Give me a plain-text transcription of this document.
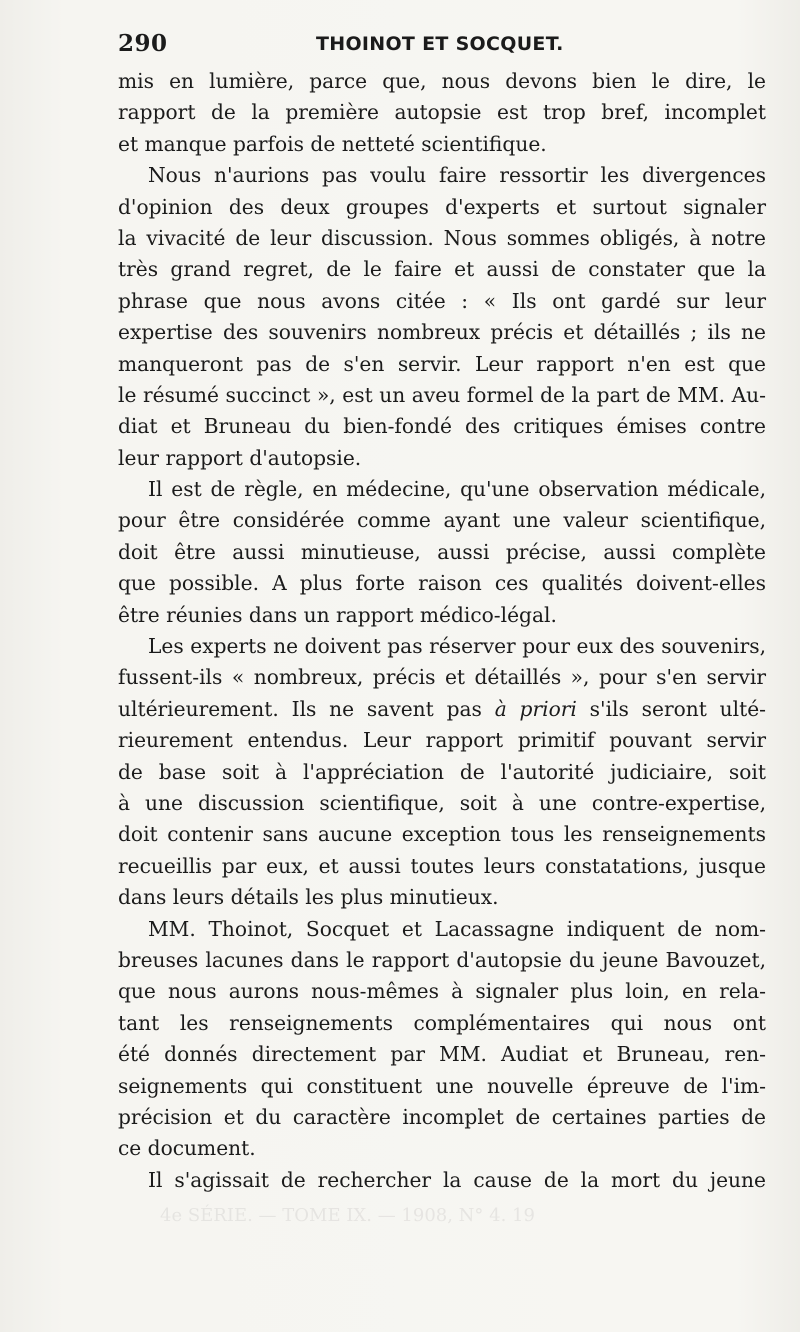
290	THOINOT ET SOCQUET.
mis en lumière, parce que, nous devons bien le dire, le
rapport de la première autopsie est trop bref, incomplet
et manque parfois de netteté scientifique.
Nous n'aurions pas voulu faire ressortir les divergences
d'opinion des deux groupes d'experts et surtout signaler
la vivacité de leur discussion. Nous sommes obligés, à notre
très grand regret, de le faire et aussi de constater que la
phrase que nous avons citée : « Ils ont gardé sur leur
expertise des souvenirs nombreux précis et détaillés ; ils ne
manqueront pas de s'en servir. Leur rapport n'en est que
le résumé succinct », est un aveu formel de la part de MM. Au-
diat et Bruneau du bien-fondé des critiques émises contre
leur rapport d'autopsie.
Il est de règle, en médecine, qu'une observation médicale,
pour être considérée comme ayant une valeur scientifique,
doit être aussi minutieuse, aussi précise, aussi complète
que possible. A plus forte raison ces qualités doivent-elles
être réunies dans un rapport médico-légal.
Les experts ne doivent pas réserver pour eux des souvenirs,
fussent-ils « nombreux, précis et détaillés », pour s'en servir
ultérieurement. Ils ne savent pas à priori s'ils seront ulté-
rieurement entendus. Leur rapport primitif pouvant servir
de base soit à l'appréciation de l'autorité judiciaire, soit
à une discussion scientifique, soit à une contre-expertise,
doit contenir sans aucune exception tous les renseignements
recueillis par eux, et aussi toutes leurs constatations, jusque
dans leurs détails les plus minutieux.
MM. Thoinot, Socquet et Lacassagne indiquent de nom-
breuses lacunes dans le rapport d'autopsie du jeune Bavouzet,
que nous aurons nous-mêmes à signaler plus loin, en rela-
tant les renseignements complémentaires qui nous ont
été donnés directement par MM. Audiat et Bruneau, ren-
seignements qui constituent une nouvelle épreuve de l'im-
précision et du caractère incomplet de certaines parties de
ce document.
Il s'agissait de rechercher la cause de la mort du jeune
4e SÉRIE. — TOME IX. — 1908, N° 4. 19
